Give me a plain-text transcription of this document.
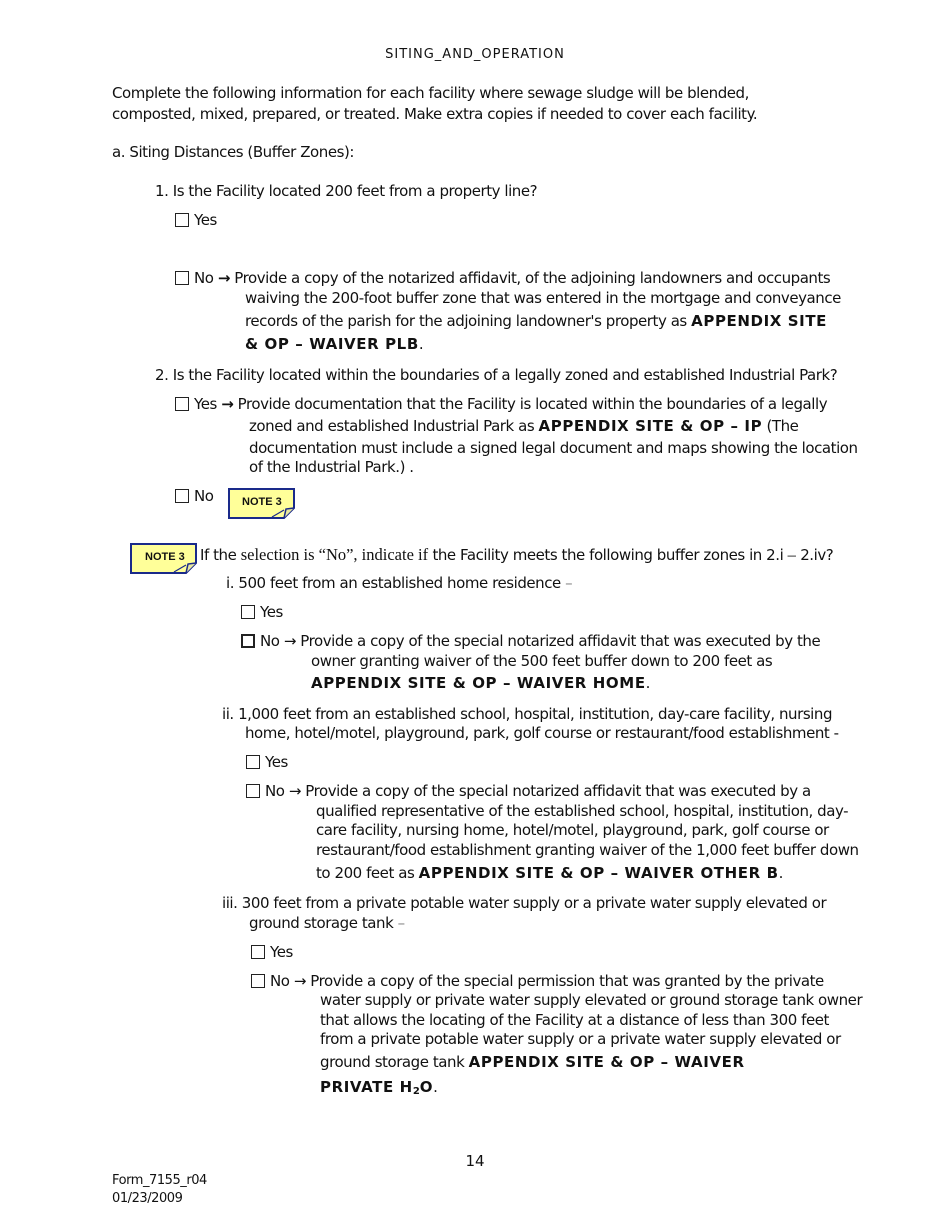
SITING_AND_OPERATION
Complete the following information for each facility where sewage sludge will be blended,
composted, mixed, prepared, or treated. Make extra copies if needed to cover each facility.
a. Siting Distances (Buffer Zones):
1. Is the Facility located 200 feet from a property line?
Yes
No → Provide a copy of the notarized affidavit, of the adjoining landowners and occupants
waiving the 200-foot buffer zone that was entered in the mortgage and conveyance
records of the parish for the adjoining landowner's property as APPENDIX SITE
& OP – WAIVER PLB.
2. Is the Facility located within the boundaries of a legally zoned and established Industrial Park?
Yes → Provide documentation that the Facility is located within the boundaries of a legally
zoned and established Industrial Park as APPENDIX SITE & OP – IP (The
documentation must include a signed legal document and maps showing the location
of the Industrial Park.) .
No	NOTE 3
NOTE 3 If the selection is “No”, indicate if the Facility meets the following buffer zones in 2.i – 2.iv?
i. 500 feet from an established home residence –
Yes
No → Provide a copy of the special notarized affidavit that was executed by the
owner granting waiver of the 500 feet buffer down to 200 feet as
APPENDIX SITE & OP – WAIVER HOME.
ii. 1,000 feet from an established school, hospital, institution, day-care facility, nursing
home, hotel/motel, playground, park, golf course or restaurant/food establishment -
Yes
No → Provide a copy of the special notarized affidavit that was executed by a
qualified representative of the established school, hospital, institution, day-
care facility, nursing home, hotel/motel, playground, park, golf course or
restaurant/food establishment granting waiver of the 1,000 feet buffer down
to 200 feet as APPENDIX SITE & OP – WAIVER OTHER B.
iii. 300 feet from a private potable water supply or a private water supply elevated or
ground storage tank –
Yes
No → Provide a copy of the special permission that was granted by the private
water supply or private water supply elevated or ground storage tank owner
that allows the locating of the Facility at a distance of less than 300 feet
from a private potable water supply or a private water supply elevated or
ground storage tank APPENDIX SITE & OP – WAIVER
PRIVATE H2O.
14
Form_7155_r04
01/23/2009
